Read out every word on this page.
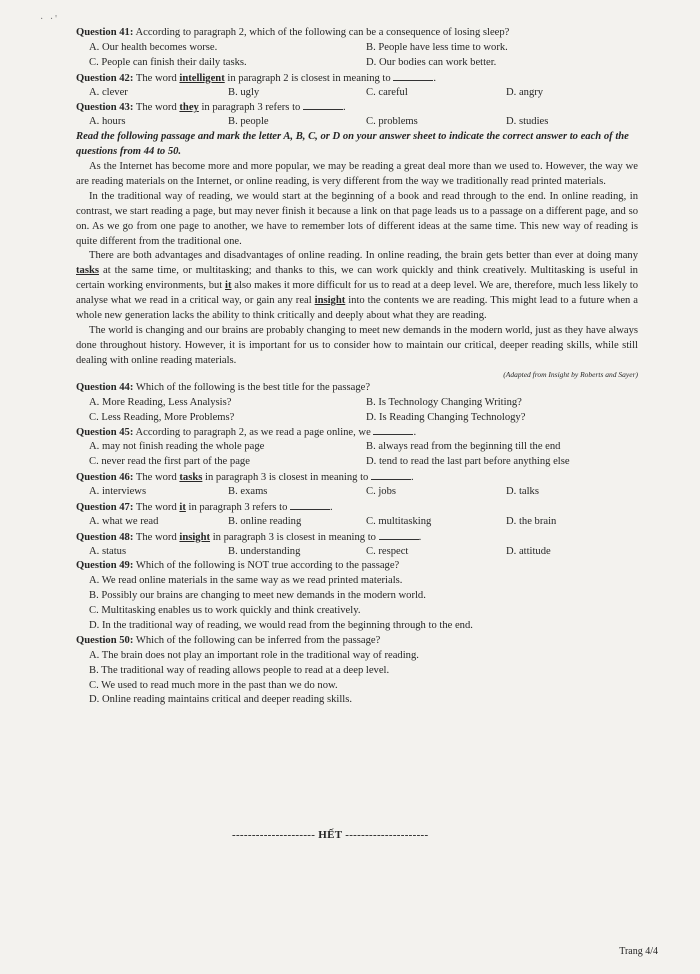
· ·'
Question 41: According to paragraph 2, which of the following can be a consequence of losing sleep?
A. Our health becomes worse.	B. People have less time to work.
C. People can finish their daily tasks.	D. Our bodies can work better.
Question 42: The word intelligent in paragraph 2 is closest in meaning to	.
A. clever	B. ugly	C. careful	D. angry
Question 43: The word they in paragraph 3 refers to	.
A. hours	B. people	C. problems	D. studies
Read the following passage and mark the letter A, B, C, or D on your answer sheet to indicate the correct answer to each of the questions from 44 to 50.
As the Internet has become more and more popular, we may be reading a great deal more than we used to. However, the way we are reading materials on the Internet, or online reading, is very different from the way we traditionally read printed materials.
In the traditional way of reading, we would start at the beginning of a book and read through to the end. In online reading, in contrast, we start reading a page, but may never finish it because a link on that page leads us to a passage on a different page, and so on. As we go from one page to another, we have to remember lots of different ideas at the same time. This new way of reading is quite different from the traditional one.
There are both advantages and disadvantages of online reading. In online reading, the brain gets better than ever at doing many tasks at the same time, or multitasking; and thanks to this, we can work quickly and think creatively. Multitasking is useful in certain working environments, but it also makes it more difficult for us to read at a deep level. We are, therefore, much less likely to analyse what we read in a critical way, or gain any real insight into the contents we are reading. This might lead to a future when a whole new generation lacks the ability to think critically and deeply about what they are reading.
The world is changing and our brains are probably changing to meet new demands in the modern world, just as they have always done throughout history. However, it is important for us to consider how to maintain our critical, deeper reading skills, while still dealing with online reading materials.
(Adapted from Insight by Roberts and Sayer)
Question 44: Which of the following is the best title for the passage?
A. More Reading, Less Analysis?	B. Is Technology Changing Writing?
C. Less Reading, More Problems?	D. Is Reading Changing Technology?
Question 45: According to paragraph 2, as we read a page online, we	.
A. may not finish reading the whole page	B. always read from the beginning till the end
C. never read the first part of the page	D. tend to read the last part before anything else
Question 46: The word tasks in paragraph 3 is closest in meaning to	.
A. interviews	B. exams	C. jobs	D. talks
Question 47: The word it in paragraph 3 refers to	.
A. what we read	B. online reading	C. multitasking	D. the brain
Question 48: The word insight in paragraph 3 is closest in meaning to	.
A. status	B. understanding	C. respect	D. attitude
Question 49: Which of the following is NOT true according to the passage?
A. We read online materials in the same way as we read printed materials.
B. Possibly our brains are changing to meet new demands in the modern world.
C. Multitasking enables us to work quickly and think creatively.
D. In the traditional way of reading, we would read from the beginning through to the end.
Question 50: Which of the following can be inferred from the passage?
A. The brain does not play an important role in the traditional way of reading.
B. The traditional way of reading allows people to read at a deep level.
C. We used to read much more in the past than we do now.
D. Online reading maintains critical and deeper reading skills.
--------------------- HẾT ---------------------
Trang 4/4
